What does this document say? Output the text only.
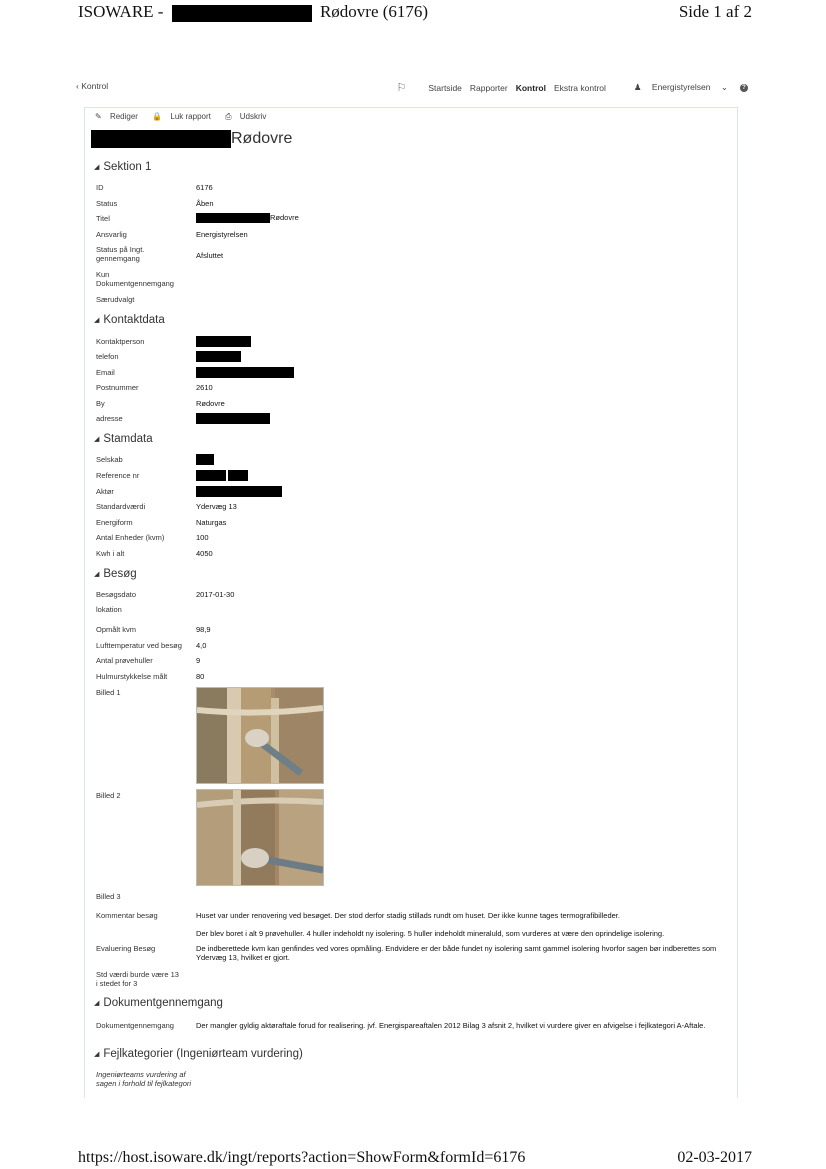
ISOWARE -	Rødovre (6176)	Side 1 af 2
‹ Kontrol	⚐	Startside Rapporter Kontrol Ekstra kontrol	♟ Energistyrelsen ⌄	?
✎ Rediger 🔒 Luk rapport ⎙ Udskriv
Rødovre
◢ Sektion 1
ID	6176
Status	Åben
Titel	Rødovre
Ansvarlig	Energistyrelsen
Status på Ingt.
gennemgang	Afsluttet
Kun
Dokumentgennemgang
Særudvalgt
◢ Kontaktdata
Kontaktperson
telefon
Email
Postnummer	2610
By	Rødovre
adresse
◢ Stamdata
Selskab
Reference nr
Aktør
Standardværdi	Ydervæg 13
Energiform	Naturgas
Antal Enheder (kvm)	100
Kwh i alt	4050
◢ Besøg
Besøgsdato	2017-01-30
lokation
Opmålt kvm	98,9
Lufttemperatur ved besøg 4,0
Antal prøvehuller	9
Hulmurstykkelse målt	80
Billed 1
Billed 2
Billed 3
Kommentar besøg	Huset var under renovering ved besøget. Der stod derfor stadig stillads rundt om huset. Der ikke kunne tages termografibilleder.
Der blev boret i alt 9 prøvehuller. 4 huller indeholdt ny isolering. 5 huller indeholdt mineraluld, som vurderes at være den oprindelige isolering.
Evaluering Besøg	De indberettede kvm kan genfindes ved vores opmåling. Endvidere er der både fundet ny isolering samt gammel isolering hvorfor sagen bør indberettes som Ydervæg 13, hvilket er gjort.
Std værdi burde være 13
i stedet for 3
◢ Dokumentgennemgang
Dokumentgennemgang	Der mangler gyldig aktøraftale forud for realisering. jvf. Energispareaftalen 2012 Bilag 3 afsnit 2, hvilket vi vurdere giver en afvigelse i fejlkategori A-Aftale.
◢ Fejlkategorier (Ingeniørteam vurdering)
Ingeniørteams vurdering af
sagen i forhold til fejlkategori
https://host.isoware.dk/ingt/reports?action=ShowForm&formId=6176	02-03-2017
